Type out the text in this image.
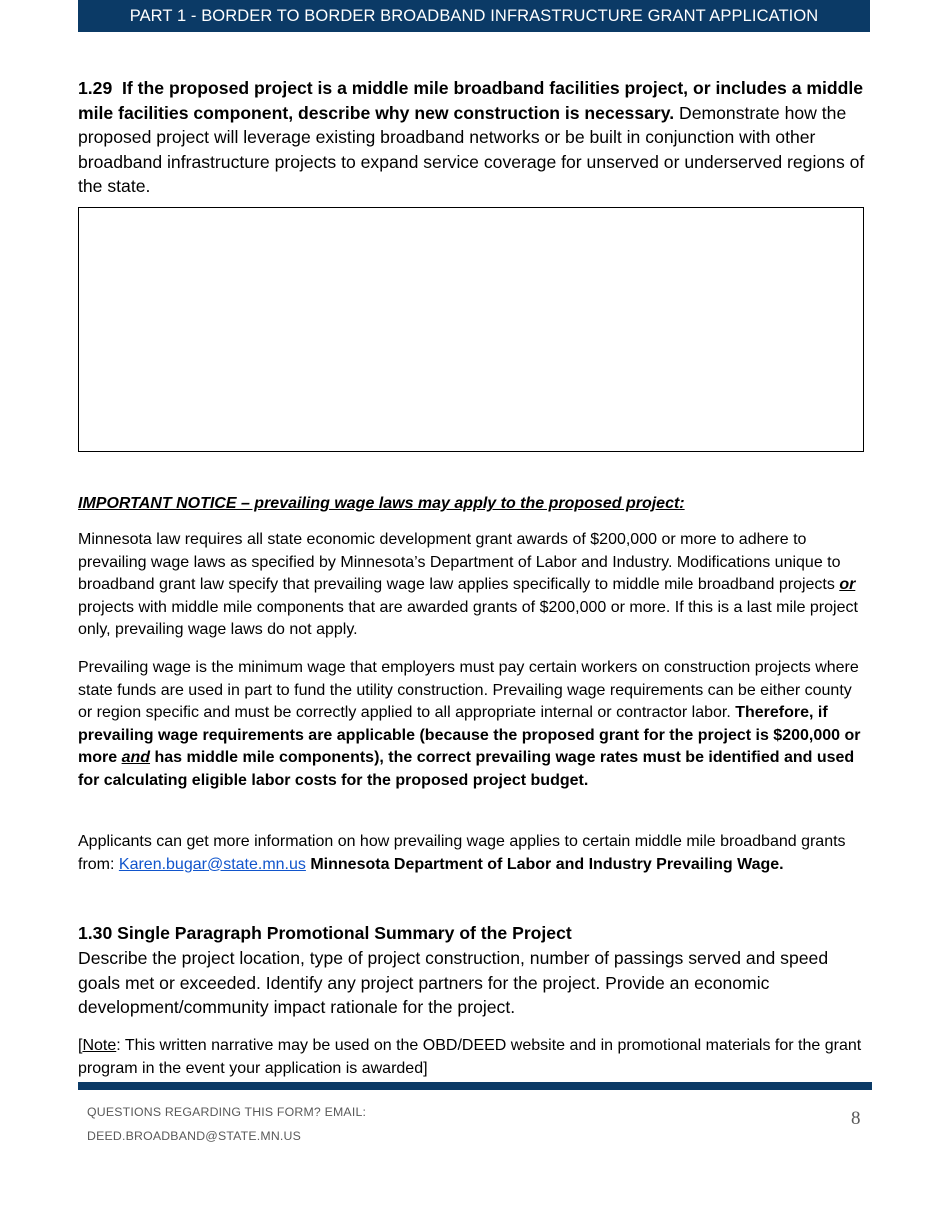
PART 1 - BORDER TO BORDER BROADBAND INFRASTRUCTURE GRANT APPLICATION
1.29 If the proposed project is a middle mile broadband facilities project, or includes a middle mile facilities component, describe why new construction is necessary. Demonstrate how the proposed project will leverage existing broadband networks or be built in conjunction with other broadband infrastructure projects to expand service coverage for unserved or underserved regions of the state.
IMPORTANT NOTICE – prevailing wage laws may apply to the proposed project:
Minnesota law requires all state economic development grant awards of $200,000 or more to adhere to prevailing wage laws as specified by Minnesota’s Department of Labor and Industry. Modifications unique to broadband grant law specify that prevailing wage law applies specifically to middle mile broadband projects or projects with middle mile components that are awarded grants of $200,000 or more. If this is a last mile project only, prevailing wage laws do not apply.
Prevailing wage is the minimum wage that employers must pay certain workers on construction projects where state funds are used in part to fund the utility construction. Prevailing wage requirements can be either county or region specific and must be correctly applied to all appropriate internal or contractor labor. Therefore, if prevailing wage requirements are applicable (because the proposed grant for the project is $200,000 or more and has middle mile components), the correct prevailing wage rates must be identified and used for calculating eligible labor costs for the proposed project budget.
Applicants can get more information on how prevailing wage applies to certain middle mile broadband grants from: Karen.bugar@state.mn.us Minnesota Department of Labor and Industry Prevailing Wage.
1.30 Single Paragraph Promotional Summary of the Project
Describe the project location, type of project construction, number of passings served and speed goals met or exceeded. Identify any project partners for the project. Provide an economic development/community impact rationale for the project.
[Note: This written narrative may be used on the OBD/DEED website and in promotional materials for the grant program in the event your application is awarded]
QUESTIONS REGARDING THIS FORM? EMAIL:
DEED.BROADBAND@STATE.MN.US
8
